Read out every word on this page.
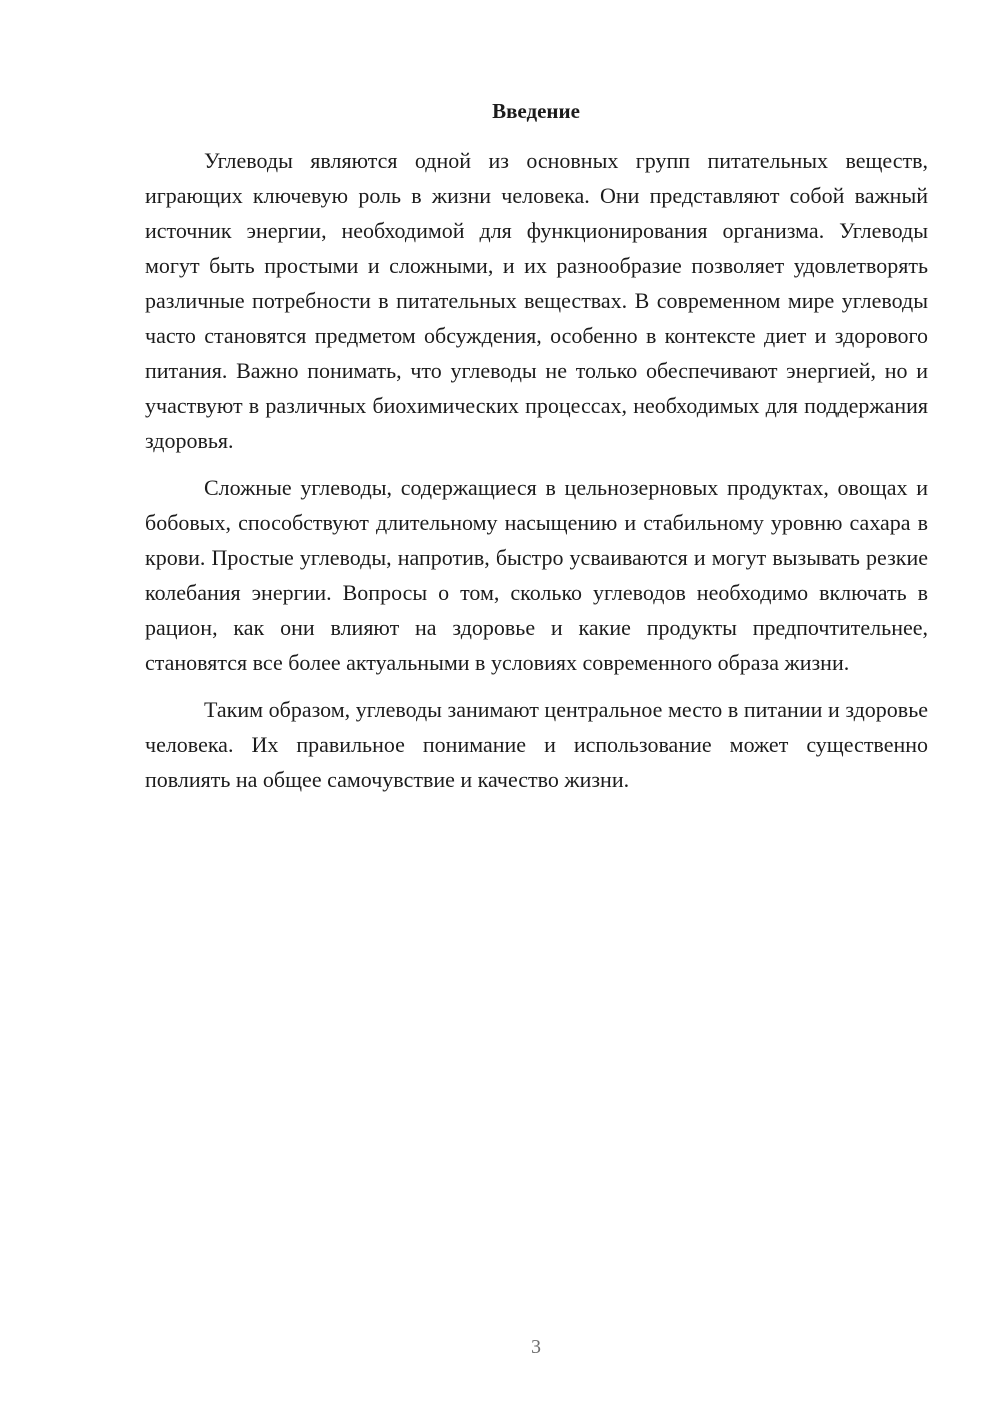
Введение

Углеводы являются одной из основных групп питательных веществ, играющих ключевую роль в жизни человека. Они представляют собой важный источник энергии, необходимой для функционирования организма. Углеводы могут быть простыми и сложными, и их разнообразие позволяет удовлетворять различные потребности в питательных веществах. В современном мире углеводы часто становятся предметом обсуждения, особенно в контексте диет и здорового питания. Важно понимать, что углеводы не только обеспечивают энергией, но и участвуют в различных биохимических процессах, необходимых для поддержания здоровья.

Сложные углеводы, содержащиеся в цельнозерновых продуктах, овощах и бобовых, способствуют длительному насыщению и стабильному уровню сахара в крови. Простые углеводы, напротив, быстро усваиваются и могут вызывать резкие колебания энергии. Вопросы о том, сколько углеводов необходимо включать в рацион, как они влияют на здоровье и какие продукты предпочтительнее, становятся все более актуальными в условиях современного образа жизни.

Таким образом, углеводы занимают центральное место в питании и здоровье человека. Их правильное понимание и использование может существенно повлиять на общее самочувствие и качество жизни.

3
